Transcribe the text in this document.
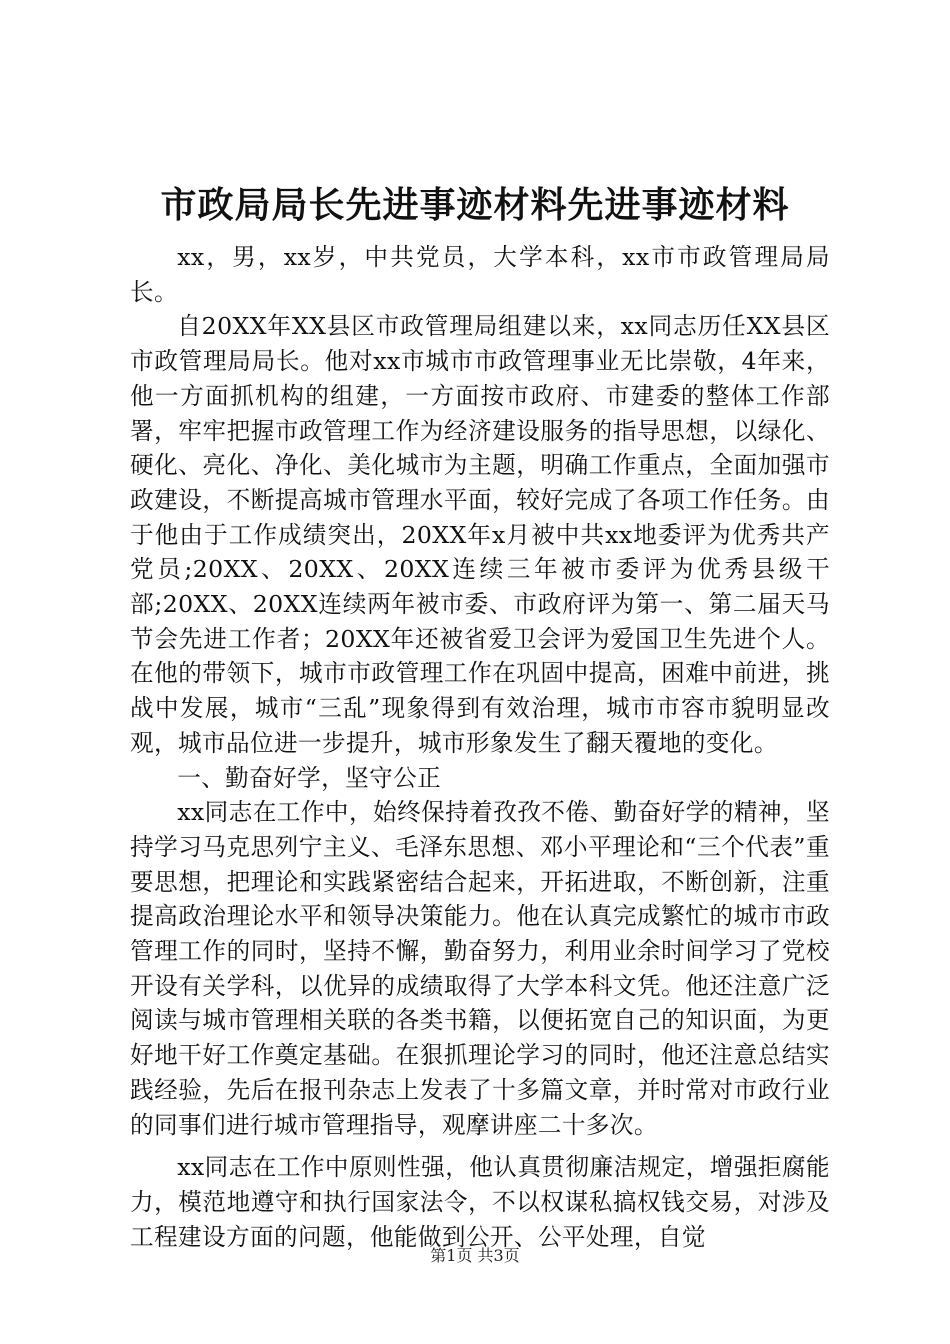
市政局局长先进事迹材料先进事迹材料

xx，男，xx岁，中共党员，大学本科，xx市市政管理局局长。

自20XX年XX县区市政管理局组建以来，xx同志历任XX县区市政管理局局长。他对xx市城市市政管理事业无比崇敬，4年来，他一方面抓机构的组建，一方面按市政府、市建委的整体工作部署，牢牢把握市政管理工作为经济建设服务的指导思想，以绿化、硬化、亮化、净化、美化城市为主题，明确工作重点，全面加强市政建设，不断提高城市管理水平面，较好完成了各项工作任务。由于他由于工作成绩突出，20XX年x月被中共xx地委评为优秀共产党员;20XX、20XX、20XX连续三年被市委评为优秀县级干部;20XX、20XX连续两年被市委、市政府评为第一、第二届天马节会先进工作者；20XX年还被省爱卫会评为爱国卫生先进个人。在他的带领下，城市市政管理工作在巩固中提高，困难中前进，挑战中发展，城市“三乱”现象得到有效治理，城市市容市貌明显改观，城市品位进一步提升，城市形象发生了翻天覆地的变化。

一、勤奋好学，坚守公正

xx同志在工作中，始终保持着孜孜不倦、勤奋好学的精神，坚持学习马克思列宁主义、毛泽东思想、邓小平理论和“三个代表”重要思想，把理论和实践紧密结合起来，开拓进取，不断创新，注重提高政治理论水平和领导决策能力。他在认真完成繁忙的城市市政管理工作的同时，坚持不懈，勤奋努力，利用业余时间学习了党校开设有关学科，以优异的成绩取得了大学本科文凭。他还注意广泛阅读与城市管理相关联的各类书籍，以便拓宽自己的知识面，为更好地干好工作奠定基础。在狠抓理论学习的同时，他还注意总结实践经验，先后在报刊杂志上发表了十多篇文章，并时常对市政行业的同事们进行城市管理指导，观摩讲座二十多次。

xx同志在工作中原则性强，他认真贯彻廉洁规定，增强拒腐能力，模范地遵守和执行国家法令，不以权谋私搞权钱交易，对涉及工程建设方面的问题，他能做到公开、公平处理，自觉

第1页 共3页
